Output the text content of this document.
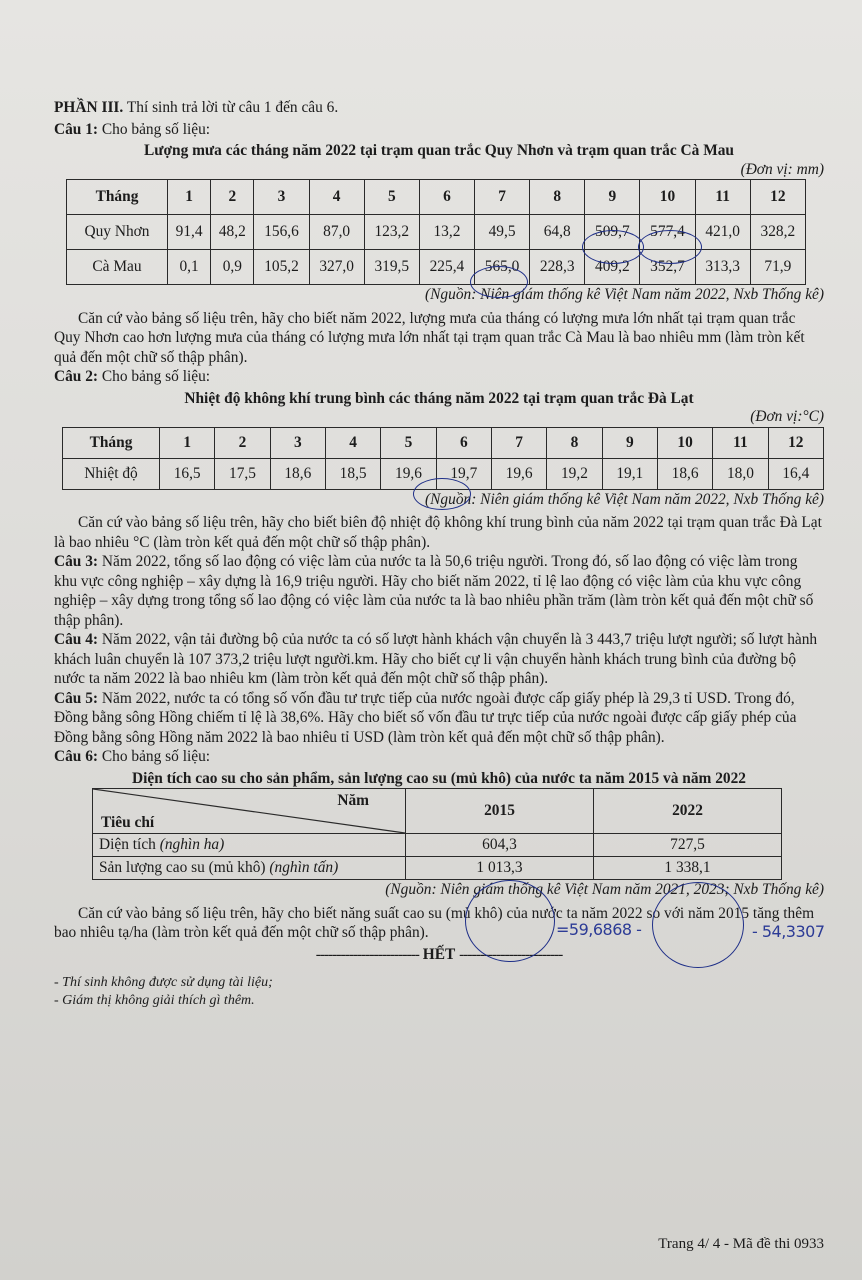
PHẦN III. Thí sinh trả lời từ câu 1 đến câu 6.

Câu 1: Cho bảng số liệu:

Lượng mưa các tháng năm 2022 tại trạm quan trắc Quy Nhơn và trạm quan trắc Cà Mau

(Đơn vị: mm)

Tháng	1	2	3	4	5	6	7	8	9	10	11	12
Quy Nhơn	91,4	48,2	156,6	87,0	123,2	13,2	49,5	64,8	509,7	577,4	421,0	328,2
Cà Mau	0,1	0,9	105,2	327,0	319,5	225,4	565,0	228,3	409,2	352,7	313,3	71,9

(Nguồn: Niên giám thống kê Việt Nam năm 2022, Nxb Thống kê)

Căn cứ vào bảng số liệu trên, hãy cho biết năm 2022, lượng mưa của tháng có lượng mưa lớn nhất tại trạm quan trắc Quy Nhơn cao hơn lượng mưa của tháng có lượng mưa lớn nhất tại trạm quan trắc Cà Mau là bao nhiêu mm (làm tròn kết quả đến một chữ số thập phân).

Câu 2: Cho bảng số liệu:

Nhiệt độ không khí trung bình các tháng năm 2022 tại trạm quan trắc Đà Lạt

(Đơn vị:°C)

Tháng	1	2	3	4	5	6	7	8	9	10	11	12
Nhiệt độ	16,5	17,5	18,6	18,5	19,6	19,7	19,6	19,2	19,1	18,6	18,0	16,4

(Nguồn: Niên giám thống kê Việt Nam năm 2022, Nxb Thống kê)

Căn cứ vào bảng số liệu trên, hãy cho biết biên độ nhiệt độ không khí trung bình của năm 2022 tại trạm quan trắc Đà Lạt là bao nhiêu °C (làm tròn kết quả đến một chữ số thập phân).

Câu 3: Năm 2022, tổng số lao động có việc làm của nước ta là 50,6 triệu người. Trong đó, số lao động có việc làm trong khu vực công nghiệp – xây dựng là 16,9 triệu người. Hãy cho biết năm 2022, tỉ lệ lao động có việc làm của khu vực công nghiệp – xây dựng trong tổng số lao động có việc làm của nước ta là bao nhiêu phần trăm (làm tròn kết quả đến một chữ số thập phân).

Câu 4: Năm 2022, vận tải đường bộ của nước ta có số lượt hành khách vận chuyển là 3 443,7 triệu lượt người; số lượt hành khách luân chuyển là 107 373,2 triệu lượt người.km. Hãy cho biết cự li vận chuyển hành khách trung bình của đường bộ nước ta năm 2022 là bao nhiêu km (làm tròn kết quả đến một chữ số thập phân).

Câu 5: Năm 2022, nước ta có tổng số vốn đầu tư trực tiếp của nước ngoài được cấp giấy phép là 29,3 tỉ USD. Trong đó, Đồng bằng sông Hồng chiếm tỉ lệ là 38,6%. Hãy cho biết số vốn đầu tư trực tiếp của nước ngoài được cấp giấy phép của Đồng bằng sông Hồng năm 2022 là bao nhiêu tỉ USD (làm tròn kết quả đến một chữ số thập phân).

Câu 6: Cho bảng số liệu:

Diện tích cao su cho sản phẩm, sản lượng cao su (mủ khô) của nước ta năm 2015 và năm 2022

Năm
Tiêu chí	2015	2022
Diện tích (nghìn ha)	604,3	727,5
Sản lượng cao su (mủ khô) (nghìn tấn)	1 013,3	1 338,1

(Nguồn: Niên giám thống kê Việt Nam năm 2021, 2023; Nxb Thống kê)

Căn cứ vào bảng số liệu trên, hãy cho biết năng suất cao su (mủ khô) của nước ta năm 2022 so với năm 2015 tăng thêm bao nhiêu tạ/ha (làm tròn kết quả đến một chữ số thập phân).

------------------------- HẾT -------------------------

- Thí sinh không được sử dụng tài liệu;

- Giám thị không giải thích gì thêm.

=59,6868 -	- 54,3307
Trang 4/ 4 - Mã đề thi 0933
